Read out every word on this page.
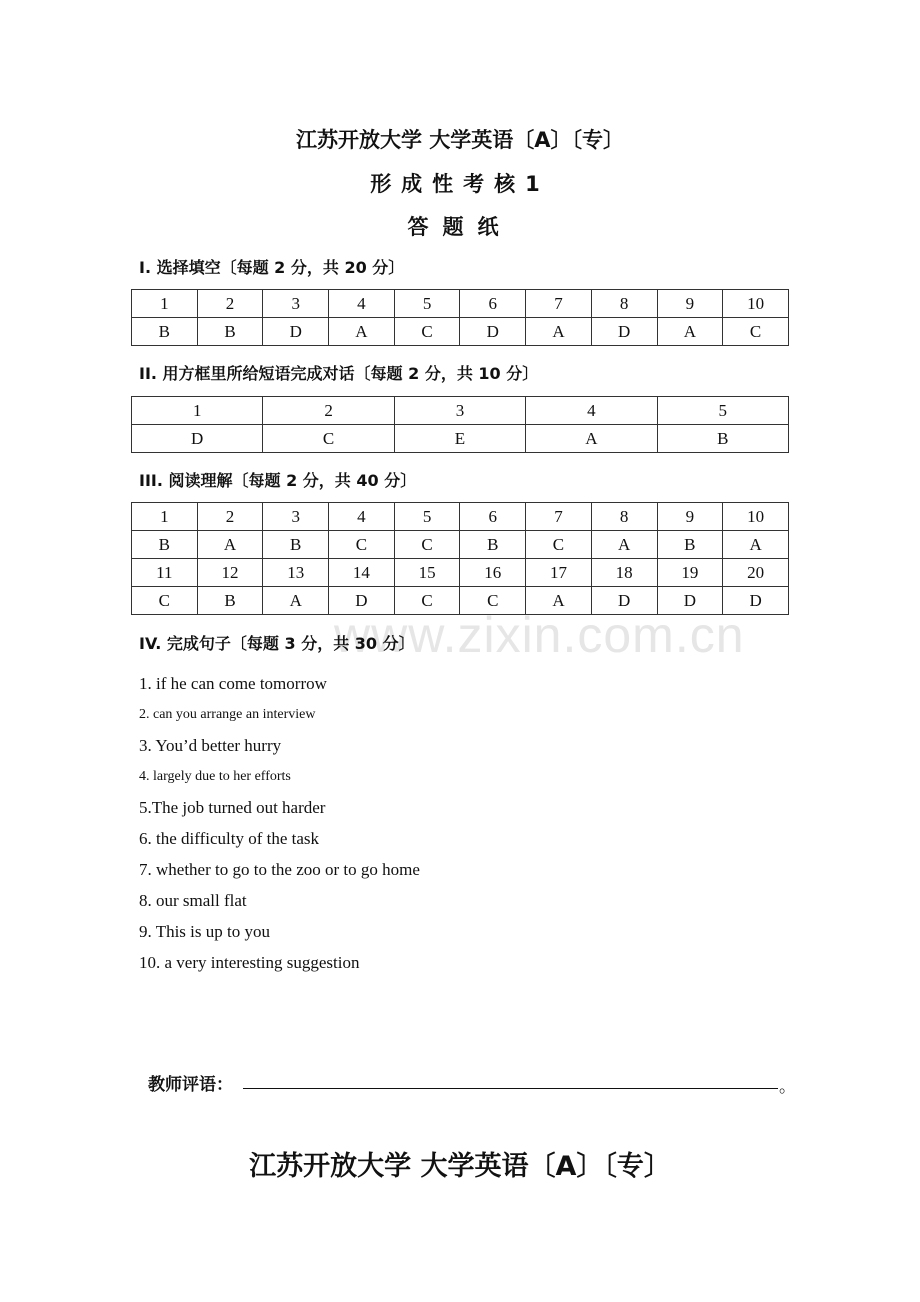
江苏开放大学 大学英语〔A〕〔专〕
形成性考核1
答题纸
I. 选择填空〔每题 2 分，共 20 分〕
1	2	3	4	5	6	7	8	9	10
B	B	D	A	C	D	A	D	A	C
II. 用方框里所给短语完成对话〔每题 2 分，共 10 分〕
1	2	3	4	5
D	C	E	A	B
III. 阅读理解〔每题 2 分，共 40 分〕
1	2	3	4	5	6	7	8	9	10
B	A	B	C	C	B	C	A	B	A
11	12	13	14	15	16	17	18	19	20
C	B	A	D	C	C	A	D	D	D
www.zixin.com.cn
IV. 完成句子〔每题 3 分，共 30 分〕
1. if he can come tomorrow
2. can you arrange an interview
3. You’d better hurry
4. largely due to her efforts
5.The job turned out harder
6. the difficulty of the task
7. whether to go to the zoo or to go home
8. our small flat
9. This is up to you
10. a very interesting suggestion
教师评语：	。
江苏开放大学 大学英语〔A〕〔专〕
